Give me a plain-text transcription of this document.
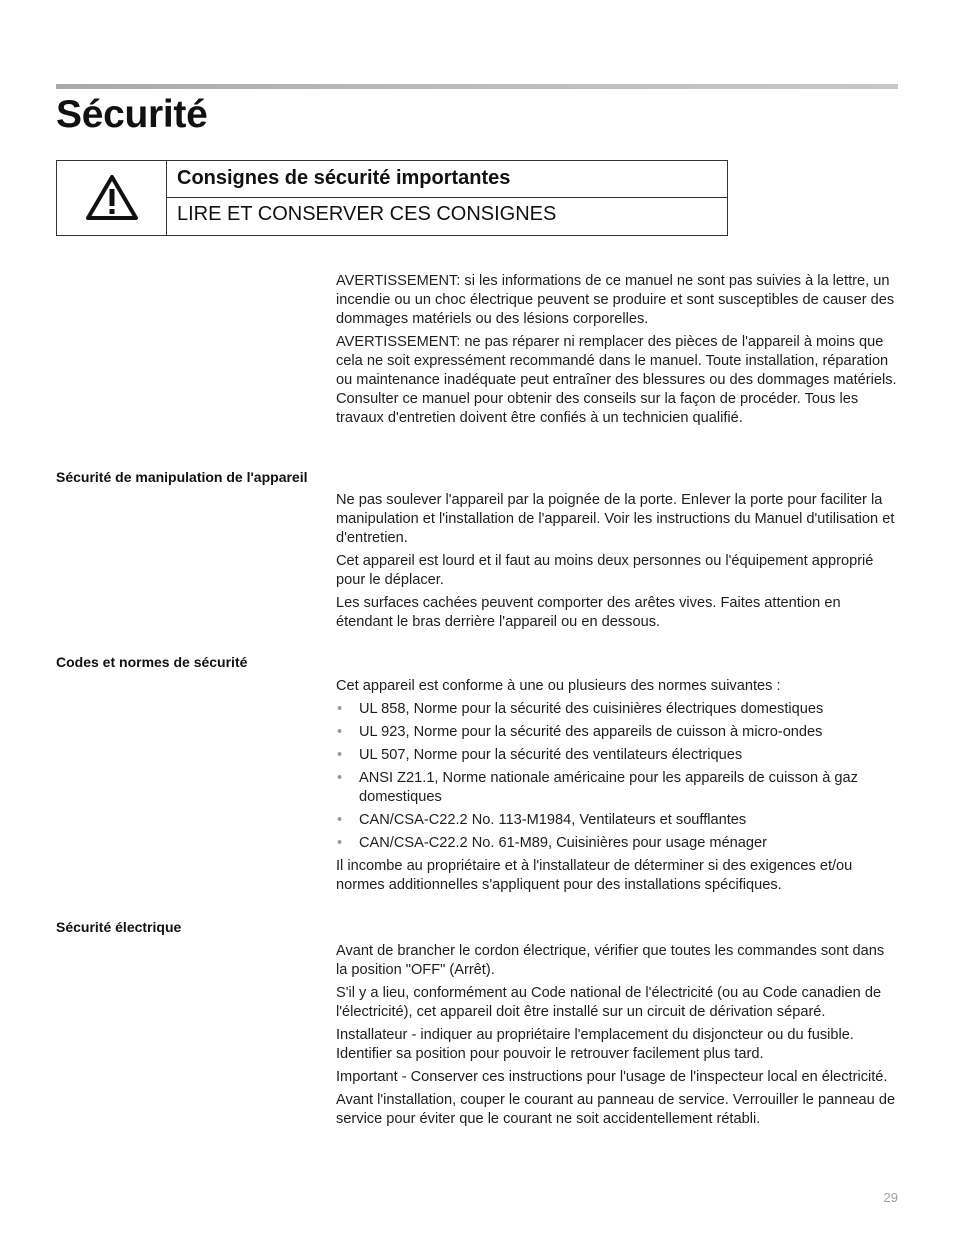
Sécurité
Consignes de sécurité importantes
LIRE ET CONSERVER CES CONSIGNES

AVERTISSEMENT: si les informations de ce manuel ne sont pas suivies à la lettre, un incendie ou un choc électrique peuvent se produire et sont susceptibles de causer des dommages matériels ou des lésions corporelles.

AVERTISSEMENT: ne pas réparer ni remplacer des pièces de l'appareil à moins que cela ne soit expressément recommandé dans le manuel. Toute installation, réparation ou maintenance inadéquate peut entraîner des blessures ou des dommages matériels. Consulter ce manuel pour obtenir des conseils sur la façon de procéder. Tous les travaux d'entretien doivent être confiés à un technicien qualifié.

Sécurité de manipulation de l'appareil

Ne pas soulever l'appareil par la poignée de la porte. Enlever la porte pour faciliter la manipulation et l'installation de l'appareil. Voir les instructions du Manuel d'utilisation et d'entretien.

Cet appareil est lourd et il faut au moins deux personnes ou l'équipement approprié pour le déplacer.

Les surfaces cachées peuvent comporter des arêtes vives. Faites attention en étendant le bras derrière l'appareil ou en dessous.

Codes et normes de sécurité

Cet appareil est conforme à une ou plusieurs des normes suivantes :

• UL 858, Norme pour la sécurité des cuisinières électriques domestiques
• UL 923, Norme pour la sécurité des appareils de cuisson à micro-ondes
• UL 507, Norme pour la sécurité des ventilateurs électriques
• ANSI Z21.1, Norme nationale américaine pour les appareils de cuisson à gaz domestiques
• CAN/CSA-C22.2 No. 113-M1984, Ventilateurs et soufflantes
• CAN/CSA-C22.2 No. 61-M89, Cuisinières pour usage ménager

Il incombe au propriétaire et à l'installateur de déterminer si des exigences et/ou normes additionnelles s'appliquent pour des installations spécifiques.

Sécurité électrique

Avant de brancher le cordon électrique, vérifier que toutes les commandes sont dans la position "OFF" (Arrêt).

S'il y a lieu, conformément au Code national de l'électricité (ou au Code canadien de l'électricité), cet appareil doit être installé sur un circuit de dérivation séparé.

Installateur - indiquer au propriétaire l'emplacement du disjoncteur ou du fusible. Identifier sa position pour pouvoir le retrouver facilement plus tard.

Important - Conserver ces instructions pour l'usage de l'inspecteur local en électricité.

Avant l'installation, couper le courant au panneau de service. Verrouiller le panneau de service pour éviter que le courant ne soit accidentellement rétabli.

29
